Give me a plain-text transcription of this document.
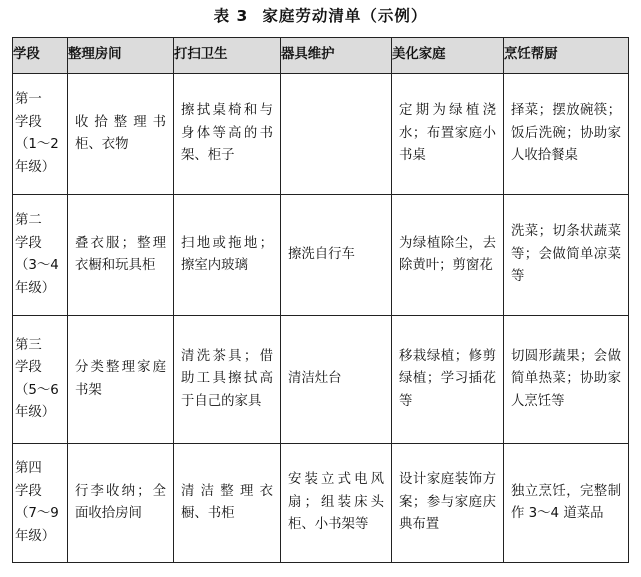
表 3 家庭劳动清单（示例）
学段	整理房间	打扫卫生	器具维护	美化家庭	烹饪帮厨

第一
学段
（1～2
年级）	收拾整理书柜、衣物	擦拭桌椅和与身体等高的书架、柜子		定期为绿植浇水；布置家庭小书桌	择菜；摆放碗筷；饭后洗碗；协助家人收拾餐桌

第二
学段
（3～4
年级）	叠衣服；整理衣橱和玩具柜	扫地或拖地；擦室内玻璃	擦洗自行车	为绿植除尘，去除黄叶；剪窗花	洗菜；切条状蔬菜等；会做简单凉菜等

第三
学段
（5～6
年级）	分类整理家庭书架	清洗茶具；借助工具擦拭高于自己的家具	清洁灶台	移栽绿植；修剪绿植；学习插花等	切圆形蔬果；会做简单热菜；协助家人烹饪等

第四
学段
（7～9
年级）	行李收纳；全面收拾房间	清洁整理衣橱、书柜	安装立式电风扇；组装床头柜、小书架等	设计家庭装饰方案；参与家庭庆典布置	独立烹饪，完整制作 3～4 道菜品
